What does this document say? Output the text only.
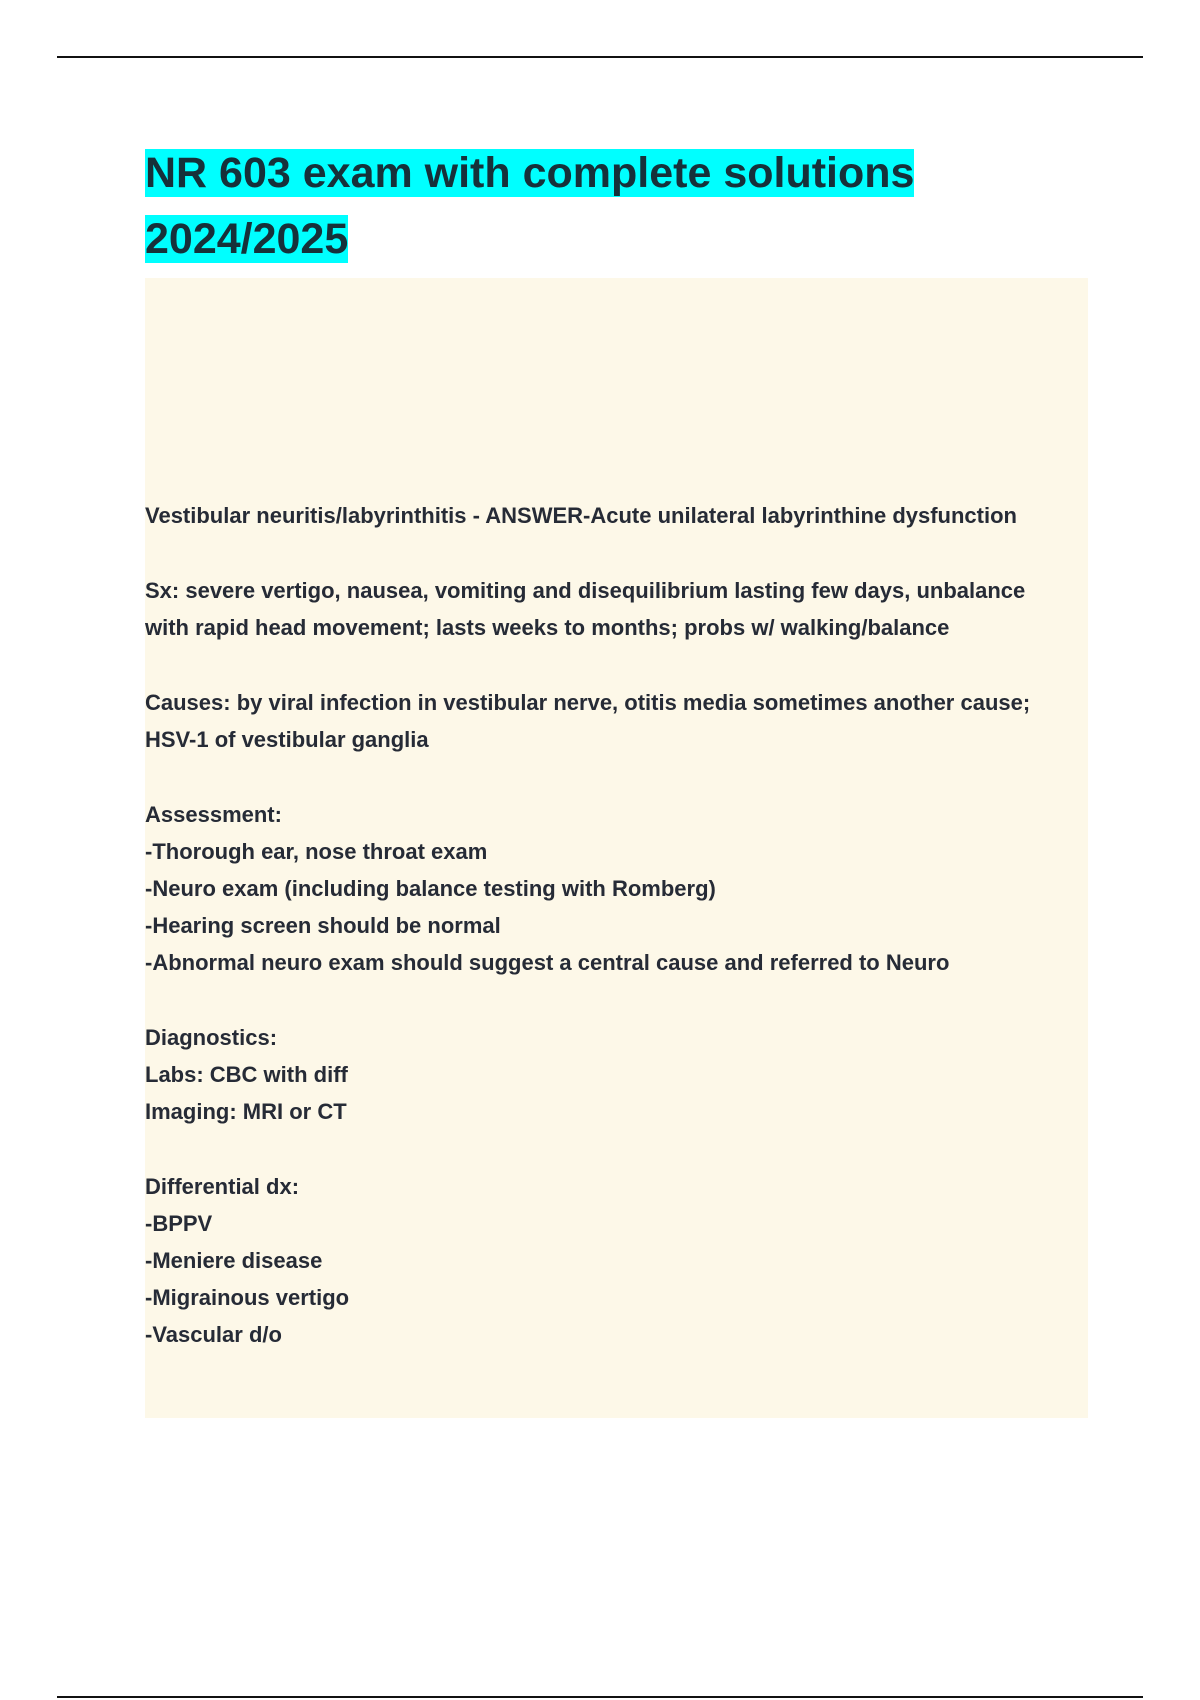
NR 603 exam with complete solutions
2024/2025

Vestibular neuritis/labyrinthitis - ANSWER-Acute unilateral labyrinthine dysfunction

Sx: severe vertigo, nausea, vomiting and disequilibrium lasting few days, unbalance with rapid head movement; lasts weeks to months; probs w/ walking/balance

Causes: by viral infection in vestibular nerve, otitis media sometimes another cause; HSV-1 of vestibular ganglia

Assessment:
-Thorough ear, nose throat exam
-Neuro exam (including balance testing with Romberg)
-Hearing screen should be normal
-Abnormal neuro exam should suggest a central cause and referred to Neuro

Diagnostics:
Labs: CBC with diff
Imaging: MRI or CT

Differential dx:
-BPPV
-Meniere disease
-Migrainous vertigo
-Vascular d/o
